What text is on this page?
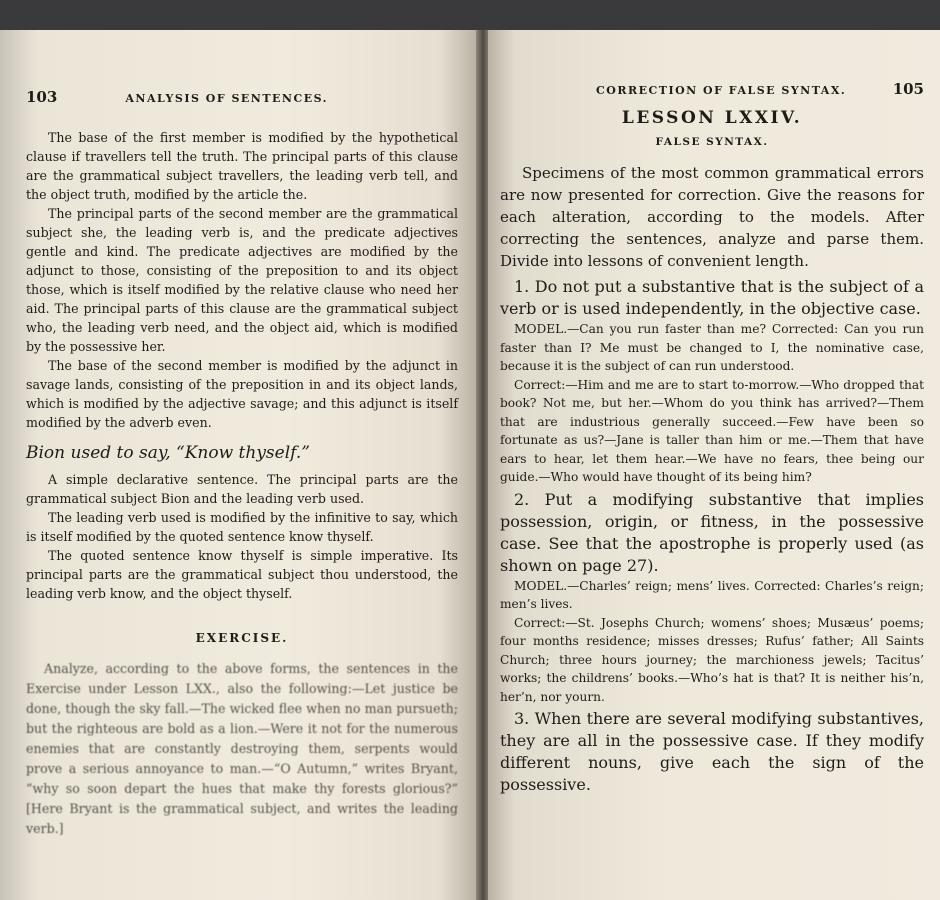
103	ANALYSIS OF SENTENCES.

The base of the first member is modified by the hypothetical clause if travellers tell the truth. The principal parts of this clause are the grammatical subject travellers, the leading verb tell, and the object truth, modified by the article the.

The principal parts of the second member are the grammatical subject she, the leading verb is, and the predicate adjectives gentle and kind. The predicate adjectives are modified by the adjunct to those, consisting of the preposition to and its object those, which is itself modified by the relative clause who need her aid. The principal parts of this clause are the grammatical subject who, the leading verb need, and the object aid, which is modified by the possessive her.

The base of the second member is modified by the adjunct in savage lands, consisting of the preposition in and its object lands, which is modified by the adjective savage; and this adjunct is itself modified by the adverb even.

Bion used to say, “Know thyself.”

A simple declarative sentence. The principal parts are the grammatical subject Bion and the leading verb used.

The leading verb used is modified by the infinitive to say, which is itself modified by the quoted sentence know thyself.

The quoted sentence know thyself is simple imperative. Its principal parts are the grammatical subject thou understood, the leading verb know, and the object thyself.

EXERCISE.

Analyze, according to the above forms, the sentences in the Exercise under Lesson LXX., also the following:—Let justice be done, though the sky fall.—The wicked flee when no man pursueth; but the righteous are bold as a lion.—Were it not for the numerous enemies that are constantly destroying them, serpents would prove a serious annoyance to man.—“O Autumn,” writes Bryant, “why so soon depart the hues that make thy forests glorious?” [Here Bryant is the grammatical subject, and writes the leading verb.]

CORRECTION OF FALSE SYNTAX.	105
LESSON LXXIV.
FALSE SYNTAX.

Specimens of the most common grammatical errors are now presented for correction. Give the reasons for each alteration, according to the models. After correcting the sentences, analyze and parse them. Divide into lessons of convenient length.

1. Do not put a substantive that is the subject of a verb or is used independently, in the objective case.

MODEL.—Can you run faster than me? Corrected: Can you run faster than I? Me must be changed to I, the nominative case, because it is the subject of can run understood.

Correct:—Him and me are to start to-morrow.—Who dropped that book? Not me, but her.—Whom do you think has arrived?—Them that are industrious generally succeed.—Few have been so fortunate as us?—Jane is taller than him or me.—Them that have ears to hear, let them hear.—We have no fears, thee being our guide.—Who would have thought of its being him?

2. Put a modifying substantive that implies possession, origin, or fitness, in the possessive case. See that the apostrophe is properly used (as shown on page 27).

MODEL.—Charles’ reign; mens’ lives. Corrected: Charles’s reign; men’s lives.

Correct:—St. Josephs Church; womens’ shoes; Musæus’ poems; four months residence; misses dresses; Rufus’ father; All Saints Church; three hours journey; the marchioness jewels; Tacitus’ works; the childrens’ books.—Who’s hat is that? It is neither his’n, her’n, nor yourn.

3. When there are several modifying substantives, they are all in the possessive case. If they modify different nouns, give each the sign of the possessive.
